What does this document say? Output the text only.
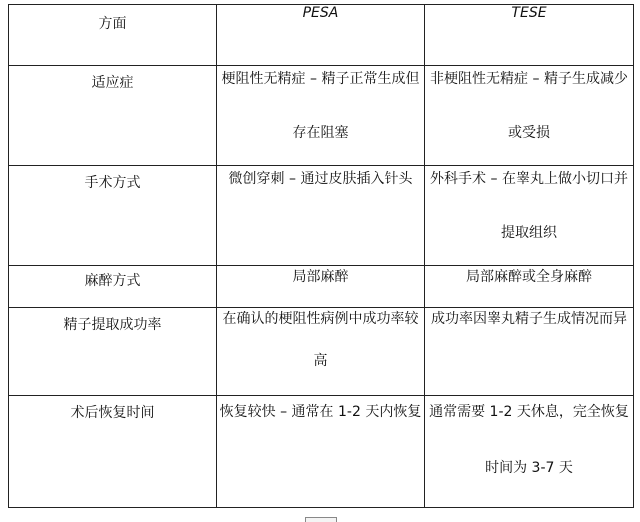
方面	PESA	TESE
适应症	梗阻性无精症 – 精子正常生成但存在阻塞	非梗阻性无精症 – 精子生成减少或受损

手术方式	微创穿刺 – 通过皮肤插入针头	外科手术 – 在睾丸上做小切口并提取组织

麻醉方式	局部麻醉	局部麻醉或全身麻醉
精子提取成功率	在确认的梗阻性病例中成功率较高	成功率因睾丸精子生成情况而异

术后恢复时间	恢复较快 – 通常在 1-2 天内恢复	通常需要 1-2 天休息，完全恢复时间为 3-7 天
